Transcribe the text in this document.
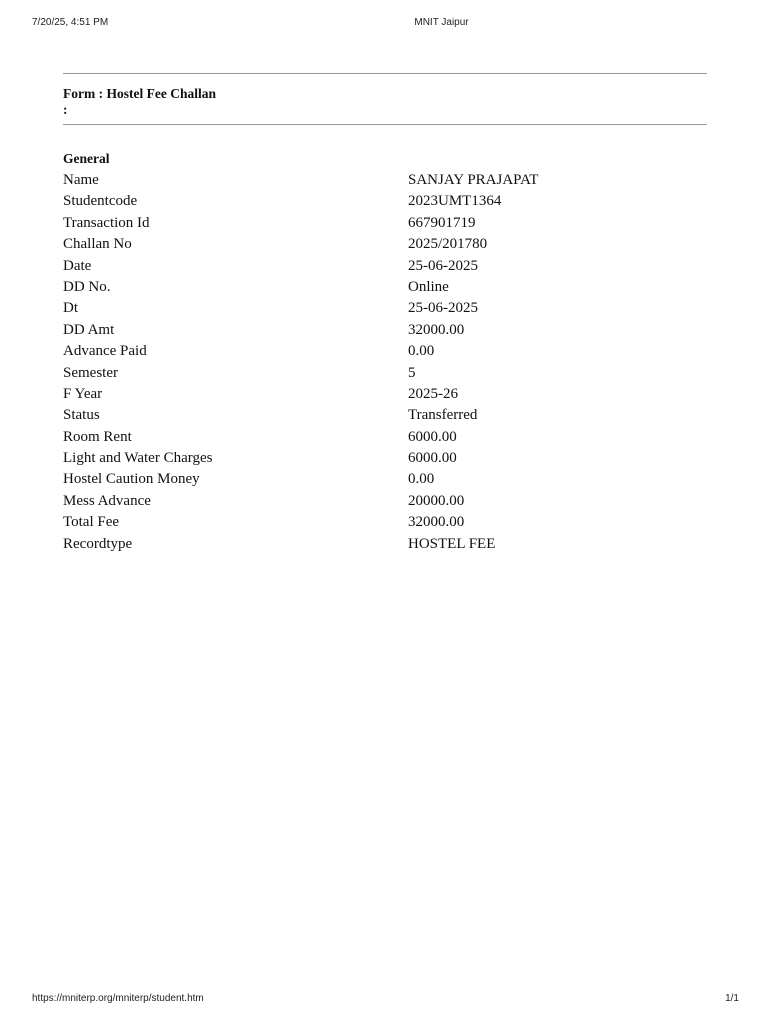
7/20/25, 4:51 PM	MNIT Jaipur
Form : Hostel Fee Challan
:
General
Name	SANJAY PRAJAPAT
Studentcode	2023UMT1364
Transaction Id	667901719
Challan No	2025/201780
Date	25-06-2025
DD No.	Online
Dt	25-06-2025
DD Amt	32000.00
Advance Paid	0.00
Semester	5
F Year	2025-26
Status	Transferred
Room Rent	6000.00
Light and Water Charges	6000.00
Hostel Caution Money	0.00
Mess Advance	20000.00
Total Fee	32000.00
Recordtype	HOSTEL FEE
https://mniterp.org/mniterp/student.htm	1/1
